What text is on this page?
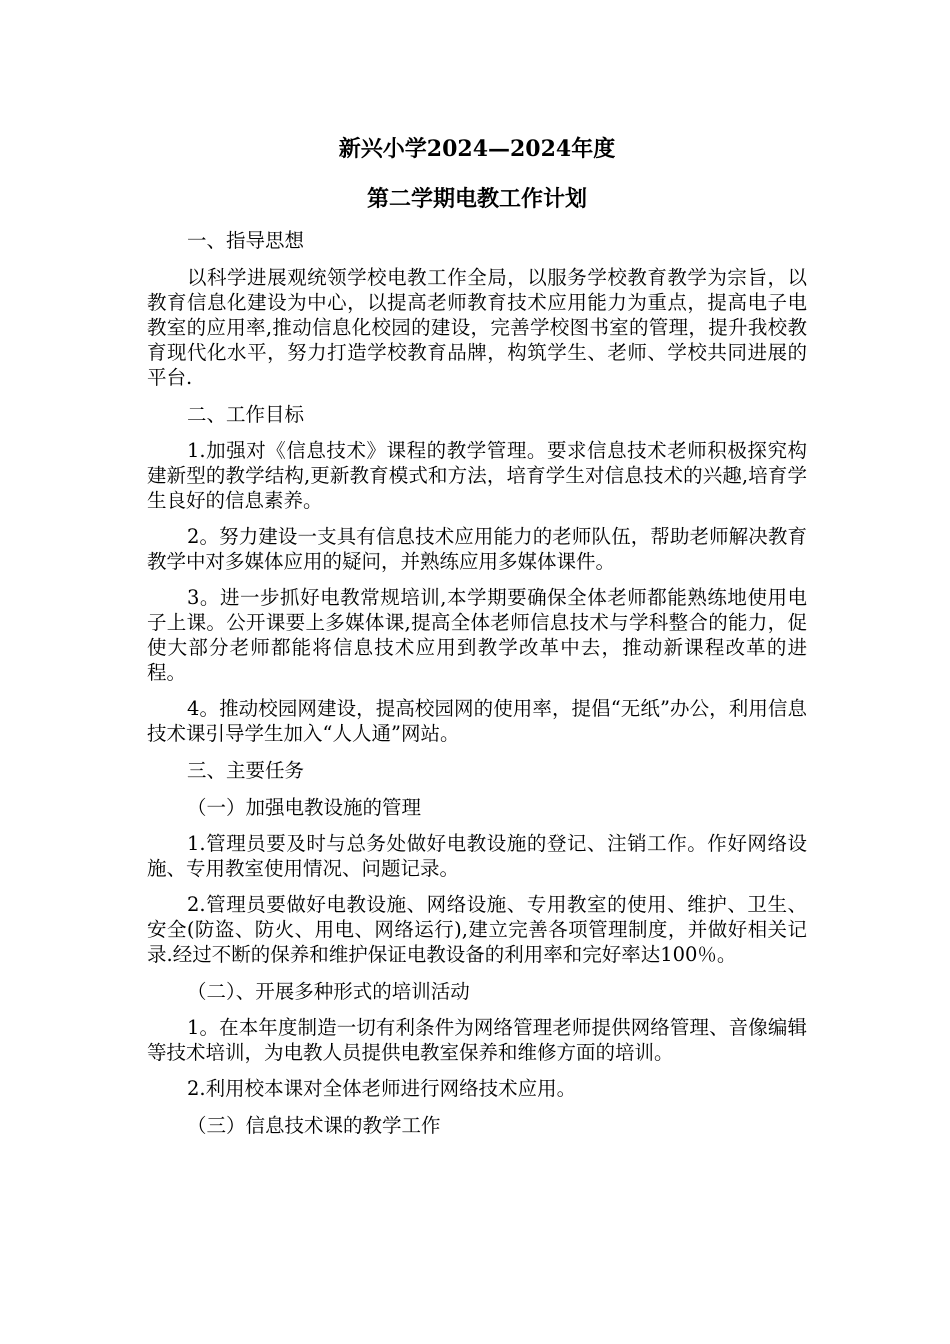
新兴小学2024—2024年度
第二学期电教工作计划

一、指导思想

以科学进展观统领学校电教工作全局，以服务学校教育教学为宗旨，以教育信息化建设为中心，以提高老师教育技术应用能力为重点，提高电子电教室的应用率,推动信息化校园的建设，完善学校图书室的管理，提升我校教育现代化水平，努力打造学校教育品牌，构筑学生、老师、学校共同进展的平台.

二、工作目标

1.加强对《信息技术》课程的教学管理。要求信息技术老师积极探究构建新型的教学结构,更新教育模式和方法，培育学生对信息技术的兴趣,培育学生良好的信息素养。

2。努力建设一支具有信息技术应用能力的老师队伍，帮助老师解决教育教学中对多媒体应用的疑问，并熟练应用多媒体课件。

3。进一步抓好电教常规培训,本学期要确保全体老师都能熟练地使用电子上课。公开课要上多媒体课,提高全体老师信息技术与学科整合的能力，促使大部分老师都能将信息技术应用到教学改革中去，推动新课程改革的进程。

4。推动校园网建设，提高校园网的使用率，提倡“无纸”办公，利用信息技术课引导学生加入“人人通”网站。

三、主要任务

（一）加强电教设施的管理

1.管理员要及时与总务处做好电教设施的登记、注销工作。作好网络设施、专用教室使用情况、问题记录。

2.管理员要做好电教设施、网络设施、专用教室的使用、维护、卫生、安全(防盗、防火、用电、网络运行),建立完善各项管理制度，并做好相关记录.经过不断的保养和维护保证电教设备的利用率和完好率达100％。

（二）、开展多种形式的培训活动

1。在本年度制造一切有利条件为网络管理老师提供网络管理、音像编辑等技术培训，为电教人员提供电教室保养和维修方面的培训。

2.利用校本课对全体老师进行网络技术应用。

（三）信息技术课的教学工作
